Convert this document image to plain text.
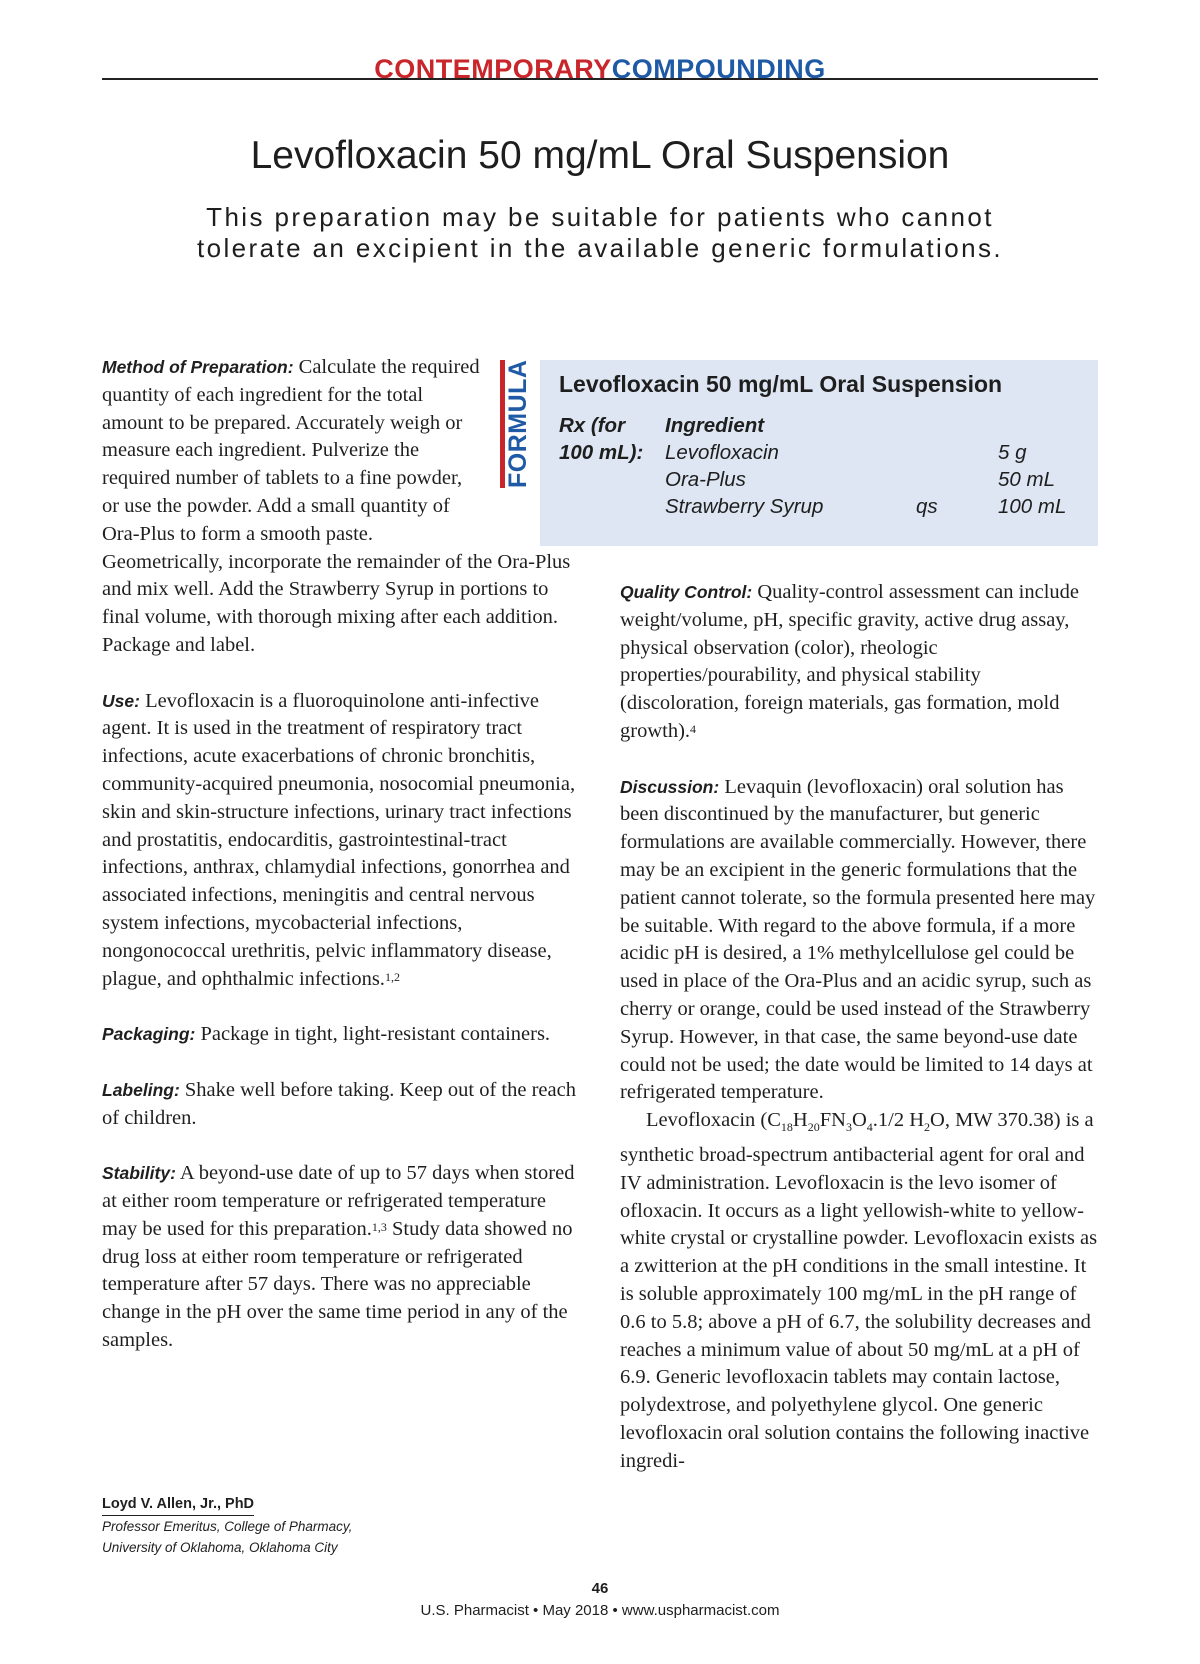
CONTEMPORARYCOMPOUNDING
Levofloxacin 50 mg/mL Oral Suspension
This preparation may be suitable for patients who cannot
tolerate an excipient in the available generic formulations.

Method of Preparation: Calculate the required quantity of each ingredient for the total amount to be prepared. Accurately weigh or measure each ingredient. Pulverize the required number of tablets to a fine powder, or use the powder. Add a small quantity of Ora-Plus to form a smooth paste.
Geometrically, incorporate the remainder of the Ora-Plus and mix well. Add the Strawberry Syrup in portions to final volume, with thorough mixing after each addition. Package and label.

Use: Levofloxacin is a fluoroquinolone anti-infective agent. It is used in the treatment of respiratory tract infections, acute exacerbations of chronic bronchitis, community-acquired pneumonia, nosocomial pneumonia, skin and skin-structure infections, urinary tract infections and prostatitis, endocarditis, gastrointestinal-tract infections, anthrax, chlamydial infections, gonorrhea and associated infections, meningitis and central nervous system infections, mycobacterial infections, nongonococcal urethritis, pelvic inflammatory disease, plague, and ophthalmic infections.$^{1,2}$

Packaging: Package in tight, light-resistant containers.

Labeling: Shake well before taking. Keep out of the reach of children.

Stability: A beyond-use date of up to 57 days when stored at either room temperature or refrigerated temperature may be used for this preparation.$^{1,3}$ Study data showed no drug loss at either room temperature or refrigerated temperature after 57 days. There was no appreciable change in the pH over the same time period in any of the samples.

FORMULA Levofloxacin 50 mg/mL Oral Suspension
Rx (for
100 mL):
Ingredient
Levofloxacin	5 g
Ora-Plus	50 mL
Strawberry Syrup	qs	100 mL

Quality Control: Quality-control assessment can include weight/volume, pH, specific gravity, active drug assay, physical observation (color), rheologic properties/pourability, and physical stability (discoloration, foreign materials, gas formation, mold growth).$^4$

Discussion: Levaquin (levofloxacin) oral solution has been discontinued by the manufacturer, but generic formulations are available commercially. However, there may be an excipient in the generic formulations that the patient cannot tolerate, so the formula presented here may be suitable. With regard to the above formula, if a more acidic pH is desired, a 1% methylcellulose gel could be used in place of the Ora-Plus and an acidic syrup, such as cherry or orange, could be used instead of the Strawberry Syrup. However, in that case, the same beyond-use date could not be used; the date would be limited to 14 days at refrigerated temperature.

Levofloxacin ($C_{18}H_{20}FN_3O_4.1/2$ $H_2O$, MW 370.38) is a synthetic broad-spectrum antibacterial agent for oral and IV administration. Levofloxacin is the levo isomer of ofloxacin. It occurs as a light yellowish-white to yellow-white crystal or crystalline powder. Levofloxacin exists as a zwitterion at the pH conditions in the small intestine. It is soluble approximately 100 mg/mL in the pH range of 0.6 to 5.8; above a pH of 6.7, the solubility decreases and reaches a minimum value of about 50 mg/mL at a pH of 6.9. Generic levofloxacin tablets may contain lactose, polydextrose, and polyethylene glycol. One generic levofloxacin oral solution contains the following inactive ingredi-

Loyd V. Allen, Jr., PhD
Professor Emeritus, College of Pharmacy,
University of Oklahoma, Oklahoma City
46
U.S. Pharmacist • May 2018 • www.uspharmacist.com
